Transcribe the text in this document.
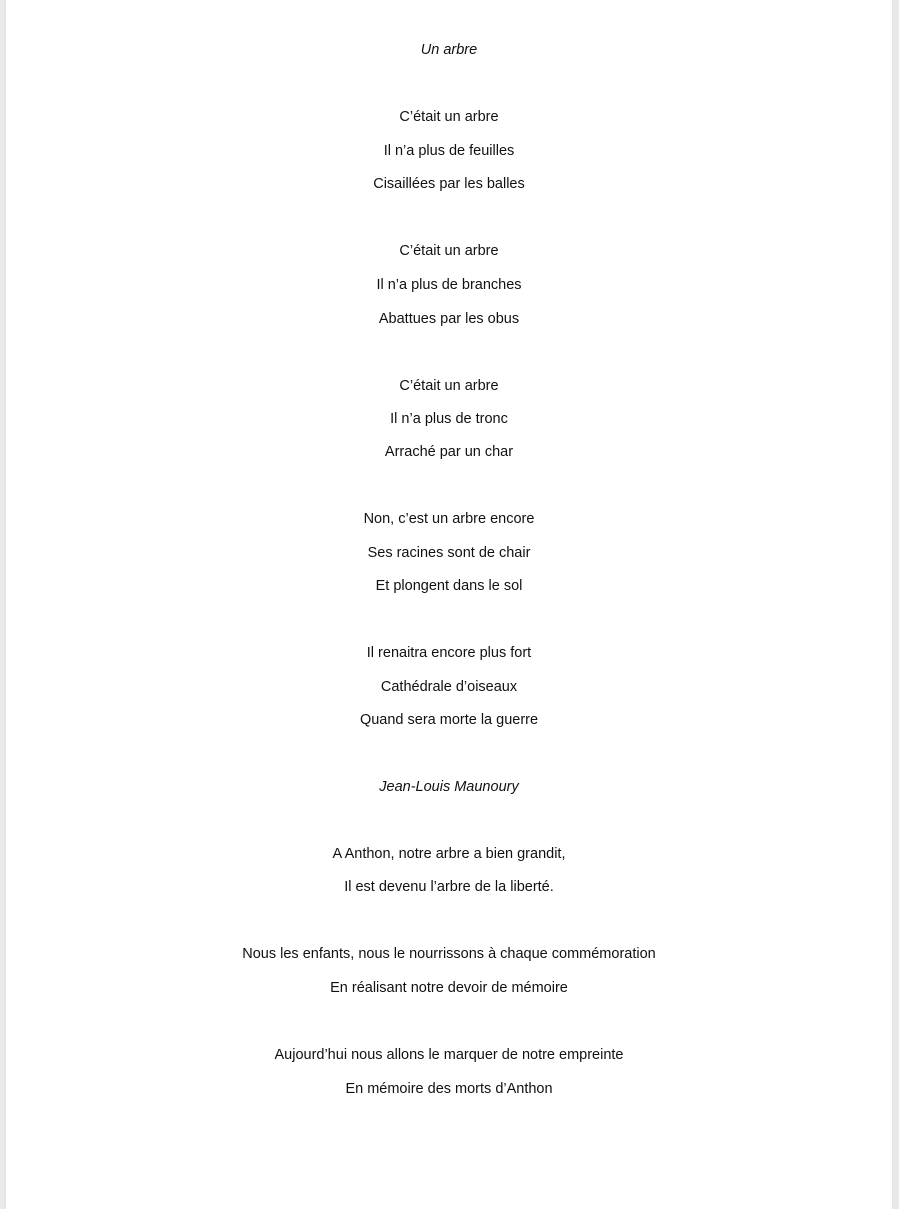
Un arbre
C’était un arbre
Il n’a plus de feuilles
Cisaillées par les balles
C’était un arbre
Il n’a plus de branches
Abattues par les obus
C’était un arbre
Il n’a plus de tronc
Arraché par un char
Non, c’est un arbre encore
Ses racines sont de chair
Et plongent dans le sol
Il renaitra encore plus fort
Cathédrale d’oiseaux
Quand sera morte la guerre
Jean-Louis Maunoury
A Anthon, notre arbre a bien grandit,
Il est devenu l’arbre de la liberté.
Nous les enfants, nous le nourrissons à chaque commémoration
En réalisant notre devoir de mémoire
Aujourd’hui nous allons le marquer de notre empreinte
En mémoire des morts d’Anthon
